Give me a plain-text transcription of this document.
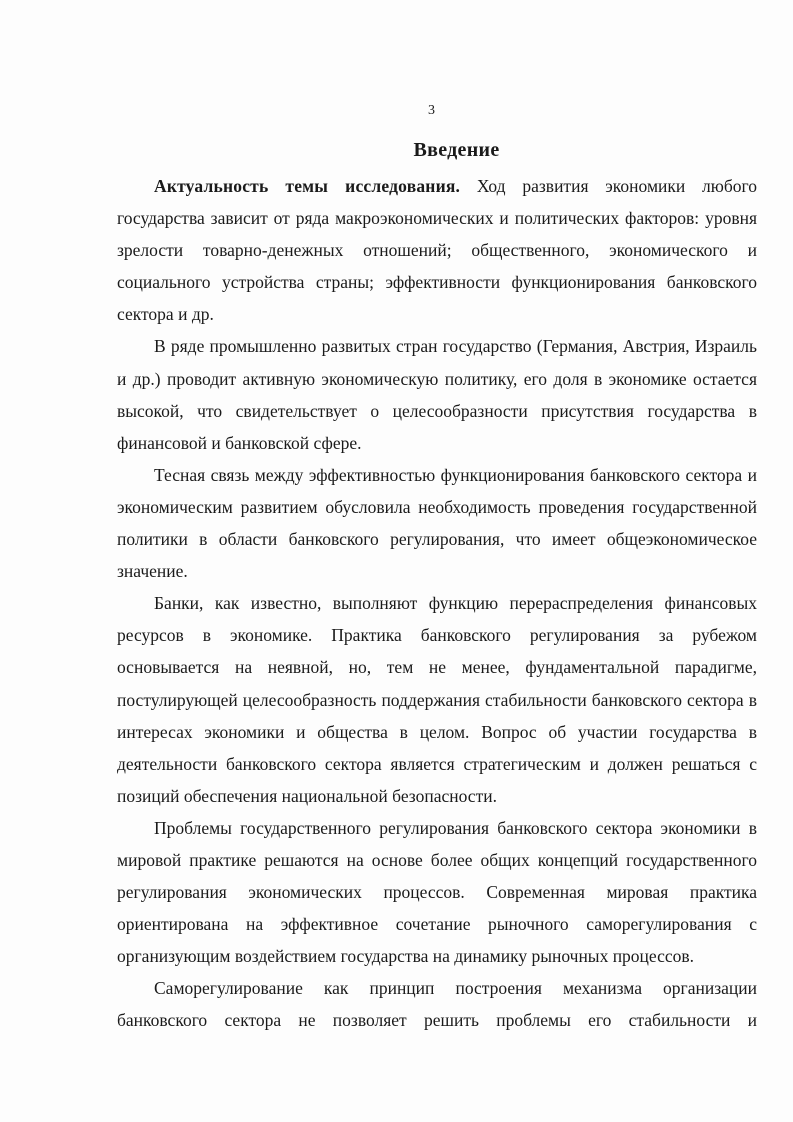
3
Введение

Актуальность темы исследования. Ход развития экономики любого государства зависит от ряда макроэкономических и политических факторов: уровня зрелости товарно-денежных отношений; общественного, экономического и социального устройства страны; эффективности функционирования банковского сектора и др.

В ряде промышленно развитых стран государство (Германия, Австрия, Израиль и др.) проводит активную экономическую политику, его доля в экономике остается высокой, что свидетельствует о целесообразности присутствия государства в финансовой и банковской сфере.

Тесная связь между эффективностью функционирования банковского сектора и экономическим развитием обусловила необходимость проведения государственной политики в области банковского регулирования, что имеет общеэкономическое значение.

Банки, как известно, выполняют функцию перераспределения финансовых ресурсов в экономике. Практика банковского регулирования за рубежом основывается на неявной, но, тем не менее, фундаментальной парадигме, постулирующей целесообразность поддержания стабильности банковского сектора в интересах экономики и общества в целом. Вопрос об участии государства в деятельности банковского сектора является стратегическим и должен решаться с позиций обеспечения национальной безопасности.

Проблемы государственного регулирования банковского сектора экономики в мировой практике решаются на основе более общих концепций государственного регулирования экономических процессов. Современная мировая практика ориентирована на эффективное сочетание рыночного саморегулирования с организующим воздействием государства на динамику рыночных процессов.

Саморегулирование как принцип построения механизма организации банковского сектора не позволяет решить проблемы его стабильности и
